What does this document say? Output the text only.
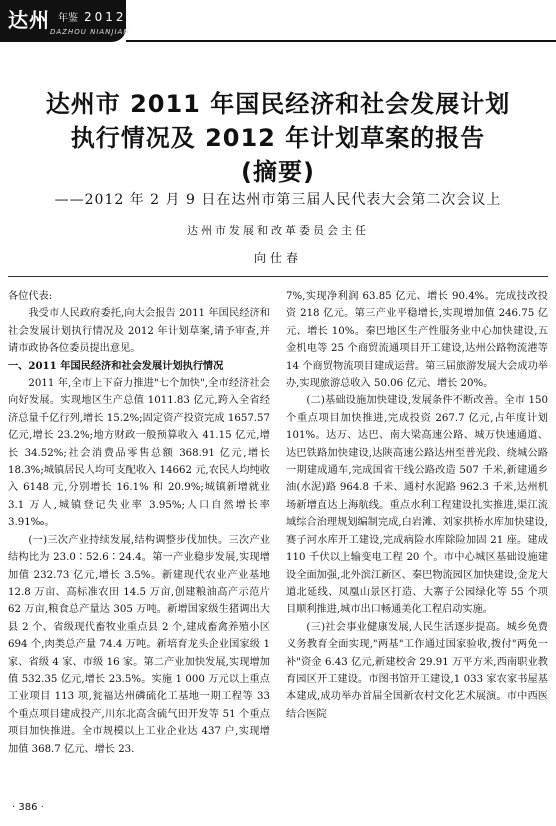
达州 年鉴 2012
DAZHOU NIANJIAN
达州市 2011 年国民经济和社会发展计划
执行情况及 2012 年计划草案的报告
(摘要)
——2012 年 2 月 9 日在达州市第三届人民代表大会第二次会议上
达州市发展和改革委员会主任
向仕春

各位代表:

我受市人民政府委托,向大会报告 2011 年国民经济和社会发展计划执行情况及 2012 年计划草案,请予审查,并请市政协各位委员提出意见。

一、2011 年国民经济和社会发展计划执行情况

2011 年,全市上下奋力推进"七个加快",全市经济社会向好发展。实现地区生产总值 1011.83 亿元,跨入全省经济总量千亿行列,增长 15.2%;固定资产投资完成 1657.57 亿元,增长 23.2%;地方财政一般预算收入 41.15 亿元,增长 34.52%;社会消费品零售总额 368.91 亿元,增长 18.3%;城镇居民人均可支配收入 14662 元,农民人均纯收入 6148 元,分别增长 16.1% 和 20.9%;城镇新增就业 3.1 万人,城镇登记失业率 3.95%;人口自然增长率 3.91‰。

(一)三次产业持续发展,结构调整步伐加快。三次产业结构比为 23.0∶52.6∶24.4。第一产业稳步发展,实现增加值 232.73 亿元,增长 3.5%。新建现代农业产业基地 12.8 万亩、高标准农田 14.5 万亩,创建粮油高产示范片 62 万亩,粮食总产量达 305 万吨。新增国家级生猪调出大县 2 个、省级现代畜牧业重点县 2 个,建成畜禽养殖小区 694 个,肉类总产量 74.4 万吨。新培育龙头企业国家级 1 家、省级 4 家、市级 16 家。第二产业加快发展,实现增加值 532.35 亿元,增长 23.5%。实施 1 000 万元以上重点工业项目 113 项,瓮福达州磷硫化工基地一期工程等 33 个重点项目建成投产,川东北高含硫气田开发等 51 个重点项目加快推进。全市规模以上工业企业达 437 户,实现增加值 368.7 亿元、增长 23.

7%,实现净利润 63.85 亿元、增长 90.4%。完成技改投资 218 亿元。第三产业平稳增长,实现增加值 246.75 亿元、增长 10%。秦巴地区生产性服务业中心加快建设,五金机电等 25 个商贸流通项目开工建设,达州公路物流港等 14 个商贸物流项目建成运营。第三届旅游发展大会成功举办,实现旅游总收入 50.06 亿元、增长 20%。

(二)基础设施加快建设,发展条件不断改善。全市 150 个重点项目加快推进,完成投资 267.7 亿元,占年度计划 101%。达万、达巴、南大梁高速公路、城万快速通道、达巴铁路加快建设,达陕高速公路达州至普光段、绕城公路一期建成通车,完成国省干线公路改造 507 千米,新建通乡油(水泥)路 964.8 千米、通村水泥路 962.3 千米,达州机场新增直达上海航线。重点水利工程建设扎实推进,渠江流域综合治理规划编制完成,白岩滩、刘家拱桥水库加快建设,赛子河水库开工建设,完成病险水库除险加固 21 座。建成 110 千伏以上输变电工程 20 个。市中心城区基础设施建设全面加强,北外滨江新区、秦巴物流园区加快建设,金龙大道北延线、凤凰山景区打造、大寨子公园绿化等 55 个项目顺利推进,城市出口畅通美化工程启动实施。

(三)社会事业健康发展,人民生活逐步提高。城乡免费义务教育全面实现,"两基"工作通过国家验收,拨付"两免一补"资金 6.43 亿元,新建校舍 29.91 万平方米,西南职业教育园区开工建设。市图书馆开工建设,1 033 家农家书屋基本建成,成功举办首届全国新农村文化艺术展演。市中西医结合医院

· 386 ·
